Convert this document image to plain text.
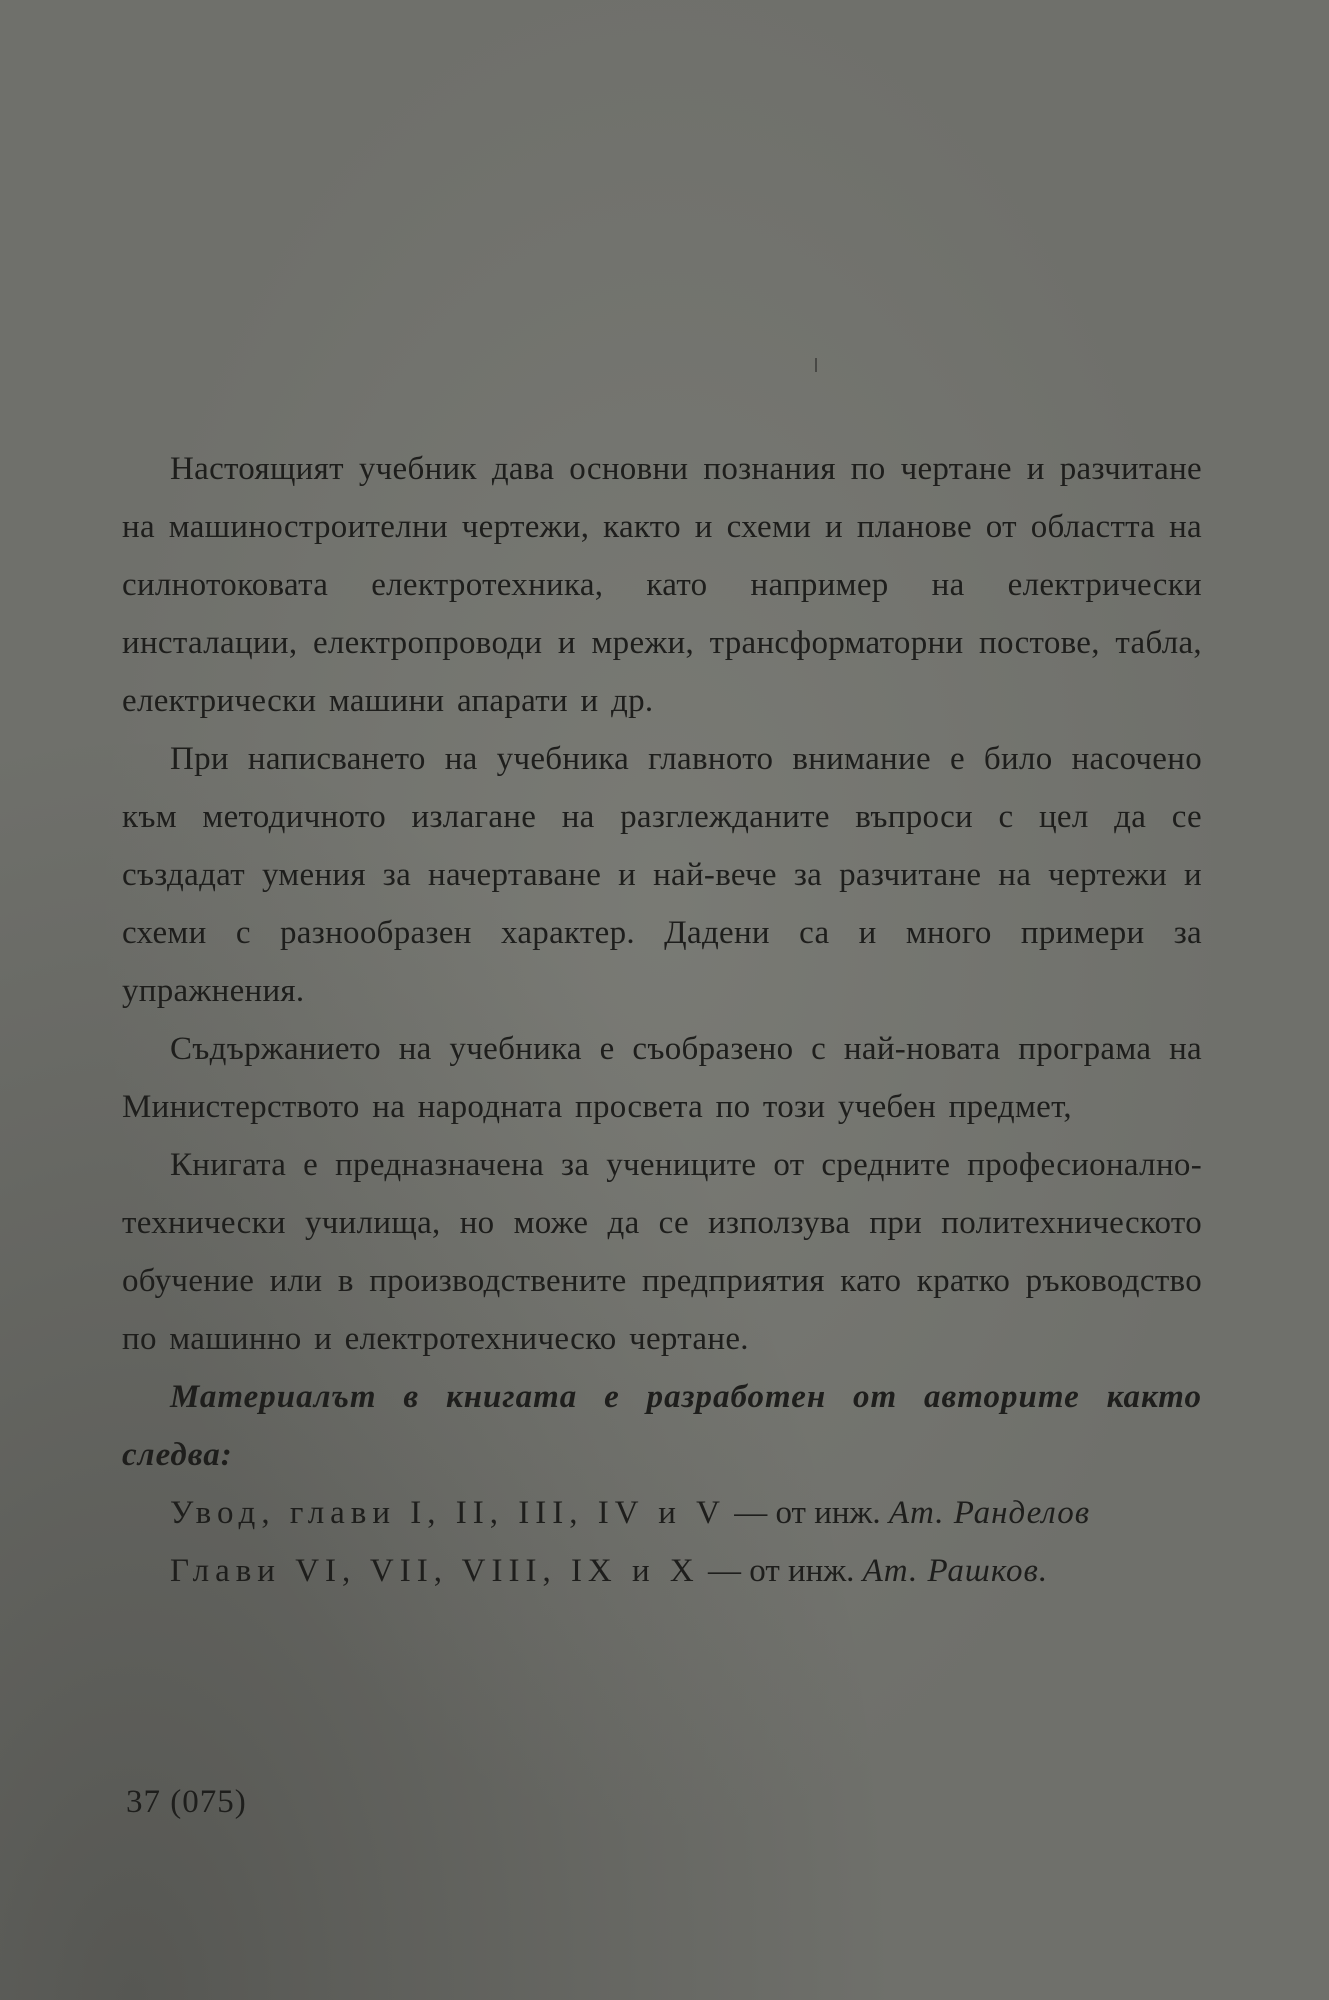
Настоящият учебник дава основни познания по чертане и разчитане на машиностроителни чертежи, както и схеми и планове от областта на силнотоковата електротехника, като например на електрически инсталации, електропроводи и мрежи, трансформаторни постове, табла, електрически машини апарати и др.

При написването на учебника главното внимание е било насочено към методичното излагане на разглежданите въпроси с цел да се създадат умения за начертаване и най-вече за разчитане на чертежи и схеми с разнообразен характер. Дадени са и много примери за упражнения.

Съдържанието на учебника е съобразено с най-новата програма на Министерството на народната просвета по този учебен предмет,

Книгата е предназначена за учениците от средните професионално-технически училища, но може да се използува при политехническото обучение или в производствените предприятия като кратко ръководство по машинно и електротехническо чертане.

Материалът в книгата е разработен от авторите както следва:

Увод, глави I, II, III, IV и V — от инж. Ат. Ранделов

Глави VI, VII, VIII, IX и X — от инж. Ат. Рашков.

37 (075)
